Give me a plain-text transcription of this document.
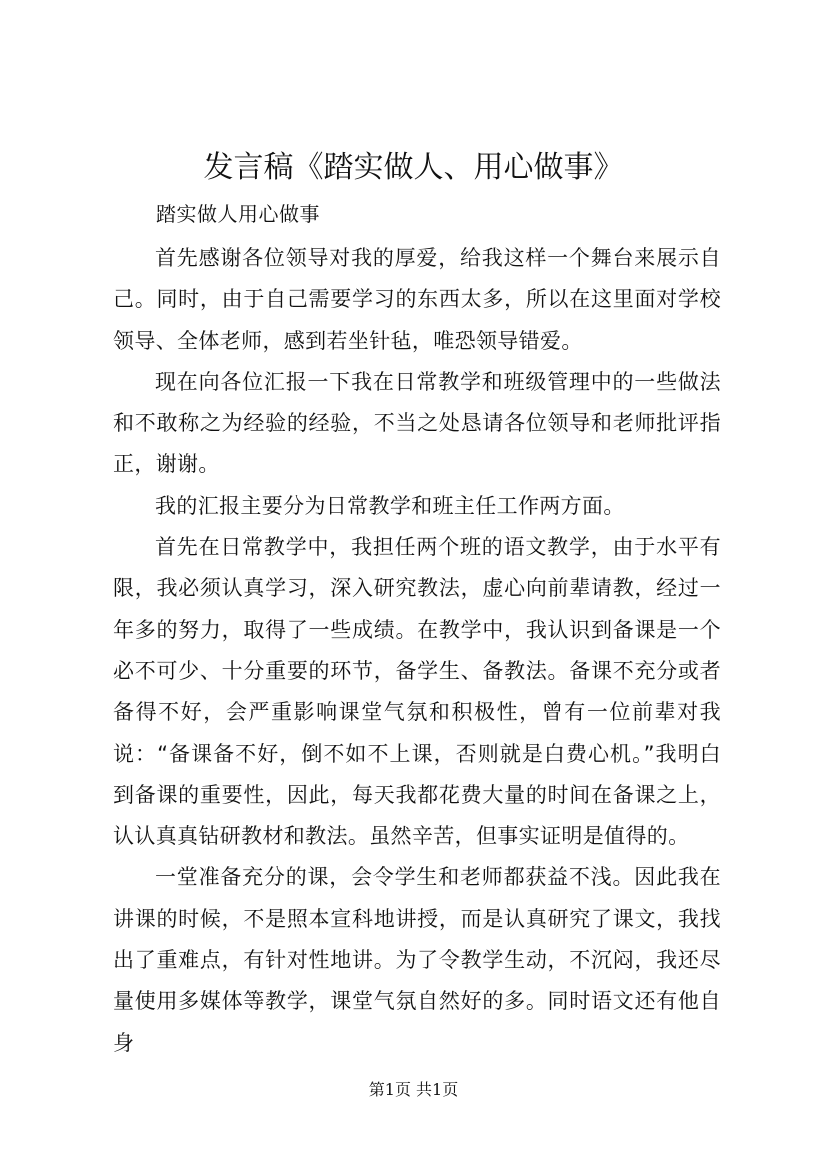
发言稿《踏实做人、用心做事》
踏实做人用心做事

首先感谢各位领导对我的厚爱，给我这样一个舞台来展示自己。同时，由于自己需要学习的东西太多，所以在这里面对学校领导、全体老师，感到若坐针毡，唯恐领导错爱。

现在向各位汇报一下我在日常教学和班级管理中的一些做法和不敢称之为经验的经验，不当之处恳请各位领导和老师批评指正，谢谢。

我的汇报主要分为日常教学和班主任工作两方面。

首先在日常教学中，我担任两个班的语文教学，由于水平有限，我必须认真学习，深入研究教法，虚心向前辈请教，经过一年多的努力，取得了一些成绩。在教学中，我认识到备课是一个必不可少、十分重要的环节，备学生、备教法。备课不充分或者备得不好，会严重影响课堂气氛和积极性，曾有一位前辈对我说：“备课备不好，倒不如不上课，否则就是白费心机。”我明白到备课的重要性，因此，每天我都花费大量的时间在备课之上，认认真真钻研教材和教法。虽然辛苦，但事实证明是值得的。

一堂准备充分的课，会令学生和老师都获益不浅。因此我在讲课的时候，不是照本宣科地讲授，而是认真研究了课文，我找出了重难点，有针对性地讲。为了令教学生动，不沉闷，我还尽量使用多媒体等教学，课堂气氛自然好的多。同时语文还有他自身

第1页 共1页
